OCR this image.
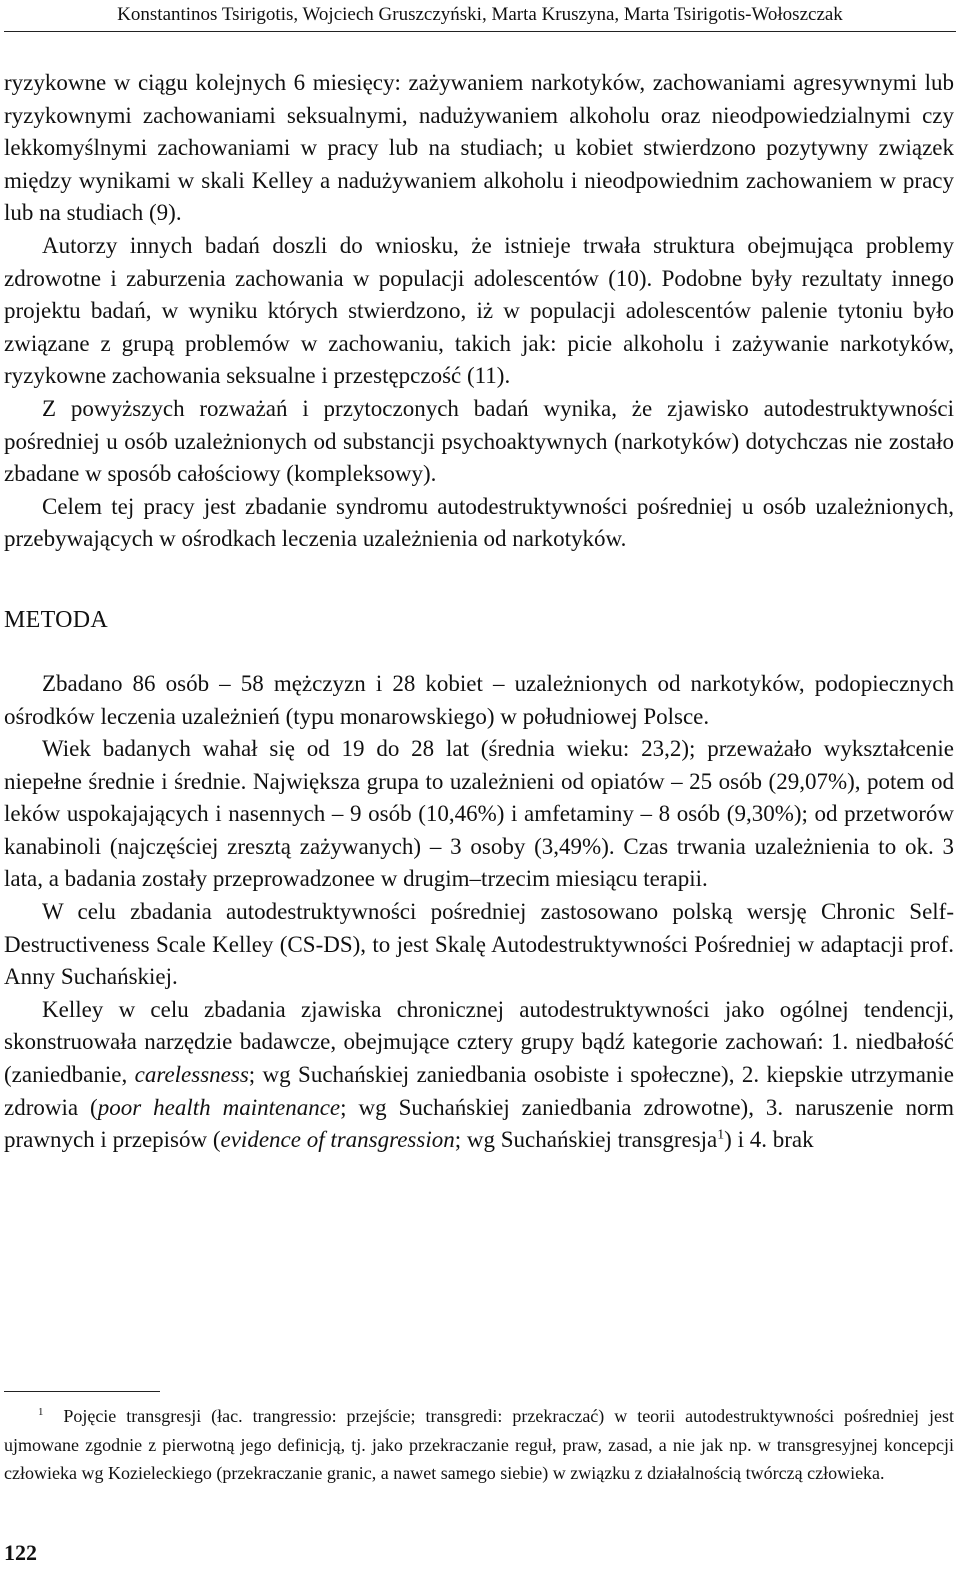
Konstantinos Tsirigotis, Wojciech Gruszczyński, Marta Kruszyna, Marta Tsirigotis-Wołoszczak

ryzykowne w ciągu kolejnych 6 miesięcy: zażywaniem narkotyków, zachowaniami agresywnymi lub ryzykownymi zachowaniami seksualnymi, nadużywaniem alkoholu oraz nieodpowiedzialnymi czy lekkomyślnymi zachowaniami w pracy lub na studiach; u kobiet stwierdzono pozytywny związek między wynikami w skali Kelley a nadużywaniem alkoholu i nieodpowiednim zachowaniem w pracy lub na studiach (9).

Autorzy innych badań doszli do wniosku, że istnieje trwała struktura obejmująca problemy zdrowotne i zaburzenia zachowania w populacji adolescentów (10). Podobne były rezultaty innego projektu badań, w wyniku których stwierdzono, iż w populacji adolescentów palenie tytoniu było związane z grupą problemów w zachowaniu, takich jak: picie alkoholu i zażywanie narkotyków, ryzykowne zachowania seksualne i przestępczość (11).

Z powyższych rozważań i przytoczonych badań wynika, że zjawisko autodestruktywności pośredniej u osób uzależnionych od substancji psychoaktywnych (narkotyków) dotychczas nie zostało zbadane w sposób całościowy (kompleksowy).

Celem tej pracy jest zbadanie syndromu autodestruktywności pośredniej u osób uzależnionych, przebywających w ośrodkach leczenia uzależnienia od narkotyków.

METODA

Zbadano 86 osób – 58 mężczyzn i 28 kobiet – uzależnionych od narkotyków, podopiecznych ośrodków leczenia uzależnień (typu monarowskiego) w południowej Polsce.

Wiek badanych wahał się od 19 do 28 lat (średnia wieku: 23,2); przeważało wykształcenie niepełne średnie i średnie. Największa grupa to uzależnieni od opiatów – 25 osób (29,07%), potem od leków uspokajających i nasennych – 9 osób (10,46%) i amfetaminy – 8 osób (9,30%); od przetworów kanabinoli (najczęściej zresztą zażywanych) – 3 osoby (3,49%). Czas trwania uzależnienia to ok. 3 lata, a badania zostały przeprowadzonee w drugim–trzecim miesiącu terapii.

W celu zbadania autodestruktywności pośredniej zastosowano polską wersję Chronic Self-Destructiveness Scale Kelley (CS-DS), to jest Skalę Autodestruktywności Pośredniej w adaptacji prof. Anny Suchańskiej.

Kelley w celu zbadania zjawiska chronicznej autodestruktywności jako ogólnej tendencji, skonstruowała narzędzie badawcze, obejmujące cztery grupy bądź kategorie zachowań: 1. niedbałość (zaniedbanie, carelessness; wg Suchańskiej zaniedbania osobiste i społeczne), 2. kiepskie utrzymanie zdrowia (poor health maintenance; wg Suchańskiej zaniedbania zdrowotne), 3. naruszenie norm prawnych i przepisów (evidence of transgression; wg Suchańskiej transgresja$^1$) i 4. brak

$^1$ Pojęcie transgresji (łac. trangressio: przejście; transgredi: przekraczać) w teorii autodestruktywności pośredniej jest ujmowane zgodnie z pierwotną jego definicją, tj. jako przekraczanie reguł, praw, zasad, a nie jak np. w transgresyjnej koncepcji człowieka wg Kozieleckiego (przekraczanie granic, a nawet samego siebie) w związku z działalnością twórczą człowieka.

122
